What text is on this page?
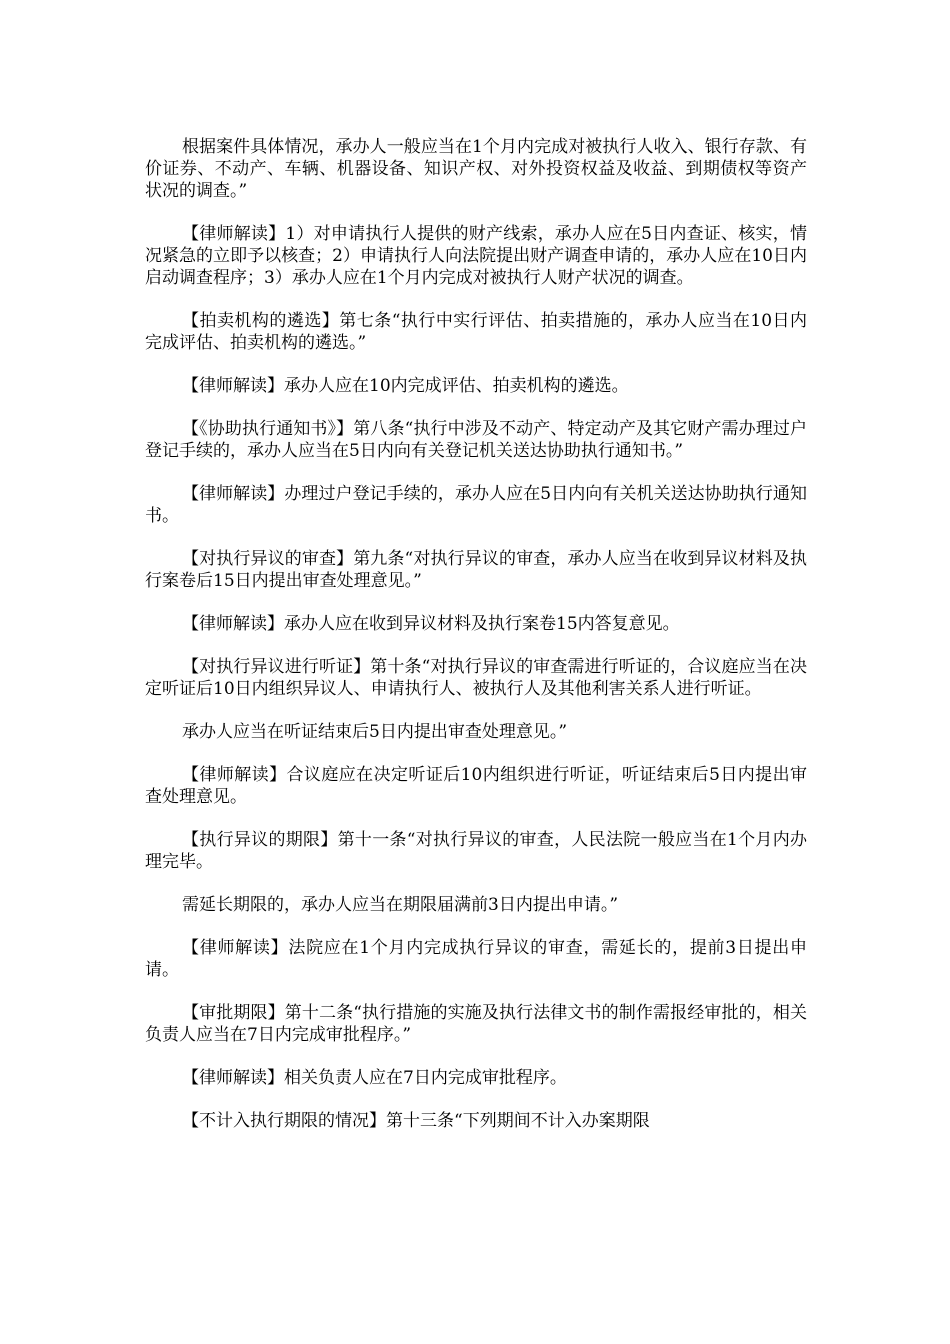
根据案件具体情况，承办人一般应当在1个月内完成对被执行人收入、银行存款、有价证券、不动产、车辆、机器设备、知识产权、对外投资权益及收益、到期债权等资产状况的调查。”

【律师解读】1）对申请执行人提供的财产线索，承办人应在5日内查证、核实，情况紧急的立即予以核查；2）申请执行人向法院提出财产调查申请的，承办人应在10日内启动调查程序；3）承办人应在1个月内完成对被执行人财产状况的调查。

【拍卖机构的遴选】第七条“执行中实行评估、拍卖措施的，承办人应当在10日内完成评估、拍卖机构的遴选。”

【律师解读】承办人应在10内完成评估、拍卖机构的遴选。

【《协助执行通知书》】第八条“执行中涉及不动产、特定动产及其它财产需办理过户登记手续的，承办人应当在5日内向有关登记机关送达协助执行通知书。”

【律师解读】办理过户登记手续的，承办人应在5日内向有关机关送达协助执行通知书。

【对执行异议的审查】第九条“对执行异议的审查，承办人应当在收到异议材料及执行案卷后15日内提出审查处理意见。”

【律师解读】承办人应在收到异议材料及执行案卷15内答复意见。

【对执行异议进行听证】第十条“对执行异议的审查需进行听证的，合议庭应当在决定听证后10日内组织异议人、申请执行人、被执行人及其他利害关系人进行听证。

承办人应当在听证结束后5日内提出审查处理意见。”

【律师解读】合议庭应在决定听证后10内组织进行听证，听证结束后5日内提出审查处理意见。

【执行异议的期限】第十一条“对执行异议的审查，人民法院一般应当在1个月内办理完毕。

需延长期限的，承办人应当在期限届满前3日内提出申请。”

【律师解读】法院应在1个月内完成执行异议的审查，需延长的，提前3日提出申请。

【审批期限】第十二条“执行措施的实施及执行法律文书的制作需报经审批的，相关负责人应当在7日内完成审批程序。”

【律师解读】相关负责人应在7日内完成审批程序。

【不计入执行期限的情况】第十三条“下列期间不计入办案期限
